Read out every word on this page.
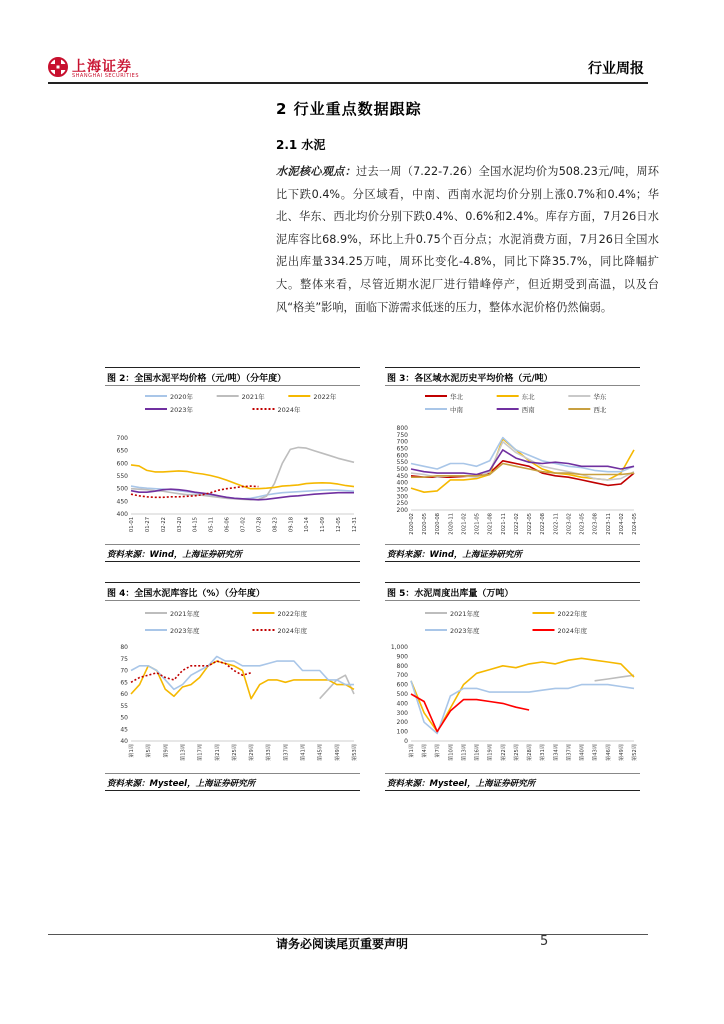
上海证券
SHANGHAI SECURITIES	行业周报
2 行业重点数据跟踪
2.1 水泥
水泥核心观点：过去一周（7.22-7.26）全国水泥均价为508.23元/吨，周环比下跌0.4%。分区域看，中南、西南水泥均价分别上涨0.7%和0.4%；华北、华东、西北均价分别下跌0.4%、0.6%和2.4%。库存方面，7月26日水泥库容比68.9%，环比上升0.75个百分点；水泥消费方面，7月26日全国水泥出库量334.25万吨，周环比变化-4.8%，同比下降35.7%，同比降幅扩大。整体来看，尽管近期水泥厂进行错峰停产，但近期受到高温，以及台风“格美”影响，面临下游需求低迷的压力，整体水泥价格仍然偏弱。
图 2：全国水泥平均价格（元/吨）（分年度）
2020年	2021年	2022年
2023年	2024年
400
450
500
550
600
650
700
01-01 01-27 02-22 03-20 04-15 05-11 06-06 07-02 07-28 08-23 09-18 10-14 11-09 12-05 12-31
资料来源：Wind，上海证券研究所
图 3：各区域水泥历史平均价格（元/吨）
华北	东北	华东
中南	西南	西北
200
250
300
350
400
450
500
550
600
650
700
750
800
2020-02 2020-05 2020-08 2020-11 2021-02 2021-05 2021-08 2021-11 2022-02 2022-05 2022-08 2022-11 2023-02 2023-05 2023-08 2023-11 2024-02 2024-05
资料来源：Wind，上海证券研究所
图 4：全国水泥库容比（%）（分年度）
2021年度	2022年度
2023年度	2024年度
40
45
50
55
60
65
70
75
80
第1周	第5周	第9周	第13周	第17周	第21周	第25周	第29周	第33周	第37周	第41周	第45周	第49周	第53周
资料来源：Mysteel，上海证券研究所
图 5：水泥周度出库量（万吨）
2021年度	2022年度
2023年度	2024年度
0
100
200
300
400
500
600
700
800
900
1,000
第1周	第4周	第7周	第10周	第13周	第16周	第19周	第22周	第25周	第28周	第31周	第34周	第37周	第40周	第43周	第46周	第49周	第52周
资料来源：Mysteel，上海证券研究所
请务必阅读尾页重要声明	5
